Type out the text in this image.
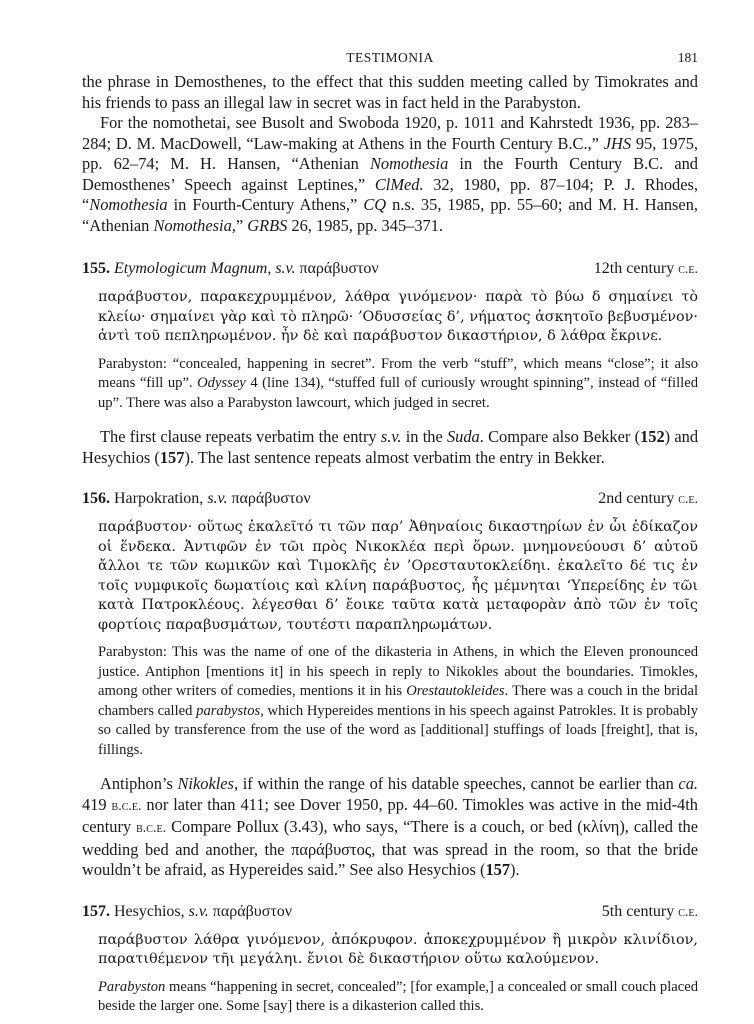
TESTIMONIA	181

the phrase in Demosthenes, to the effect that this sudden meeting called by Timokrates and his friends to pass an illegal law in secret was in fact held in the Parabyston.

For the nomothetai, see Busolt and Swoboda 1920, p. 1011 and Kahrstedt 1936, pp. 283–284; D. M. MacDowell, “Law-making at Athens in the Fourth Century B.C.,” JHS 95, 1975, pp. 62–74; M. H. Hansen, “Athenian Nomothesia in the Fourth Century B.C. and Demosthenes’ Speech against Leptines,” ClMed. 32, 1980, pp. 87–104; P. J. Rhodes, “Nomothesia in Fourth-Century Athens,” CQ n.s. 35, 1985, pp. 55–60; and M. H. Hansen, “Athenian Nomothesia,” GRBS 26, 1985, pp. 345–371.

155. Etymologicum Magnum, s.v. παράβυστον	12th century c.e.

παράβυστον, παρακεχρυμμένον, λάθρα γινόμενον· παρὰ τὸ βύω δ σημαίνει τὸ κλείω· σημαίνει γὰρ καὶ τὸ πληρῶ· ’Οδυσσείας δ’, νήματος ἀσκητοῖο βεβυσμένον· ἀντὶ τοῦ πεπληρωμένον. ἦν δὲ καὶ παράβυστον δικαστήριον, δ λάθρα ἔκρινε.

Parabyston: “concealed, happening in secret”. From the verb “stuff”, which means “close”; it also means “fill up”. Odyssey 4 (line 134), “stuffed full of curiously wrought spinning”, instead of “filled up”. There was also a Parabyston lawcourt, which judged in secret.

The first clause repeats verbatim the entry s.v. in the Suda. Compare also Bekker (152) and Hesychios (157). The last sentence repeats almost verbatim the entry in Bekker.

156. Harpokration, s.v. παράβυστον	2nd century c.e.

παράβυστον· οὕτως ἐκαλεῖτό τι τῶν παρ’ Ἀθηναίοις δικαστηρίων ἐν ὧι ἐδίκαζον οἱ ἕνδεκα. Ἀντιφῶν ἐν τῶι πρὸς Νικοκλέα περὶ ὅρων. μνημονεύουσι δ’ αὐτοῦ ἄλλοι τε τῶν κωμικῶν καὶ Τιμοκλῆς ἐν ’Ορεσταυτοκλείδηι. ἐκαλεῖτο δέ τις ἐν τοῖς νυμφικοῖς δωματίοις καὶ κλίνη παράβυστος, ἧς μέμνηται ‘Υπερείδης ἐν τῶι κατὰ Πατροκλέους. λέγεσθαι δ’ ἔοικε ταῦτα κατὰ μεταφορὰν ἀπὸ τῶν ἐν τοῖς φορτίοις παραβυσμάτων, τουτέστι παραπληρωμάτων.

Parabyston: This was the name of one of the dikasteria in Athens, in which the Eleven pronounced justice. Antiphon [mentions it] in his speech in reply to Nikokles about the boundaries. Timokles, among other writers of comedies, mentions it in his Orestautokleides. There was a couch in the bridal chambers called parabystos, which Hypereides mentions in his speech against Patrokles. It is probably so called by transference from the use of the word as [additional] stuffings of loads [freight], that is, fillings.

Antiphon’s Nikokles, if within the range of his datable speeches, cannot be earlier than ca. 419 b.c.e. nor later than 411; see Dover 1950, pp. 44–60. Timokles was active in the mid-4th century b.c.e. Compare Pollux (3.43), who says, “There is a couch, or bed (κλίνη), called the wedding bed and another, the παράβυστος, that was spread in the room, so that the bride wouldn’t be afraid, as Hypereides said.” See also Hesychios (157).

157. Hesychios, s.v. παράβυστον	5th century c.e.

παράβυστον λάθρα γινόμενον, ἀπόκρυφον. ἀποκεχρυμμένον ἢ μικρὸν κλινίδιον, παρατιθέμενον τῆι μεγάληι. ἔνιοι δὲ δικαστήριον οὕτω καλούμενον.

Parabyston means “happening in secret, concealed”; [for example,] a concealed or small couch placed beside the larger one. Some [say] there is a dikasterion called this.
